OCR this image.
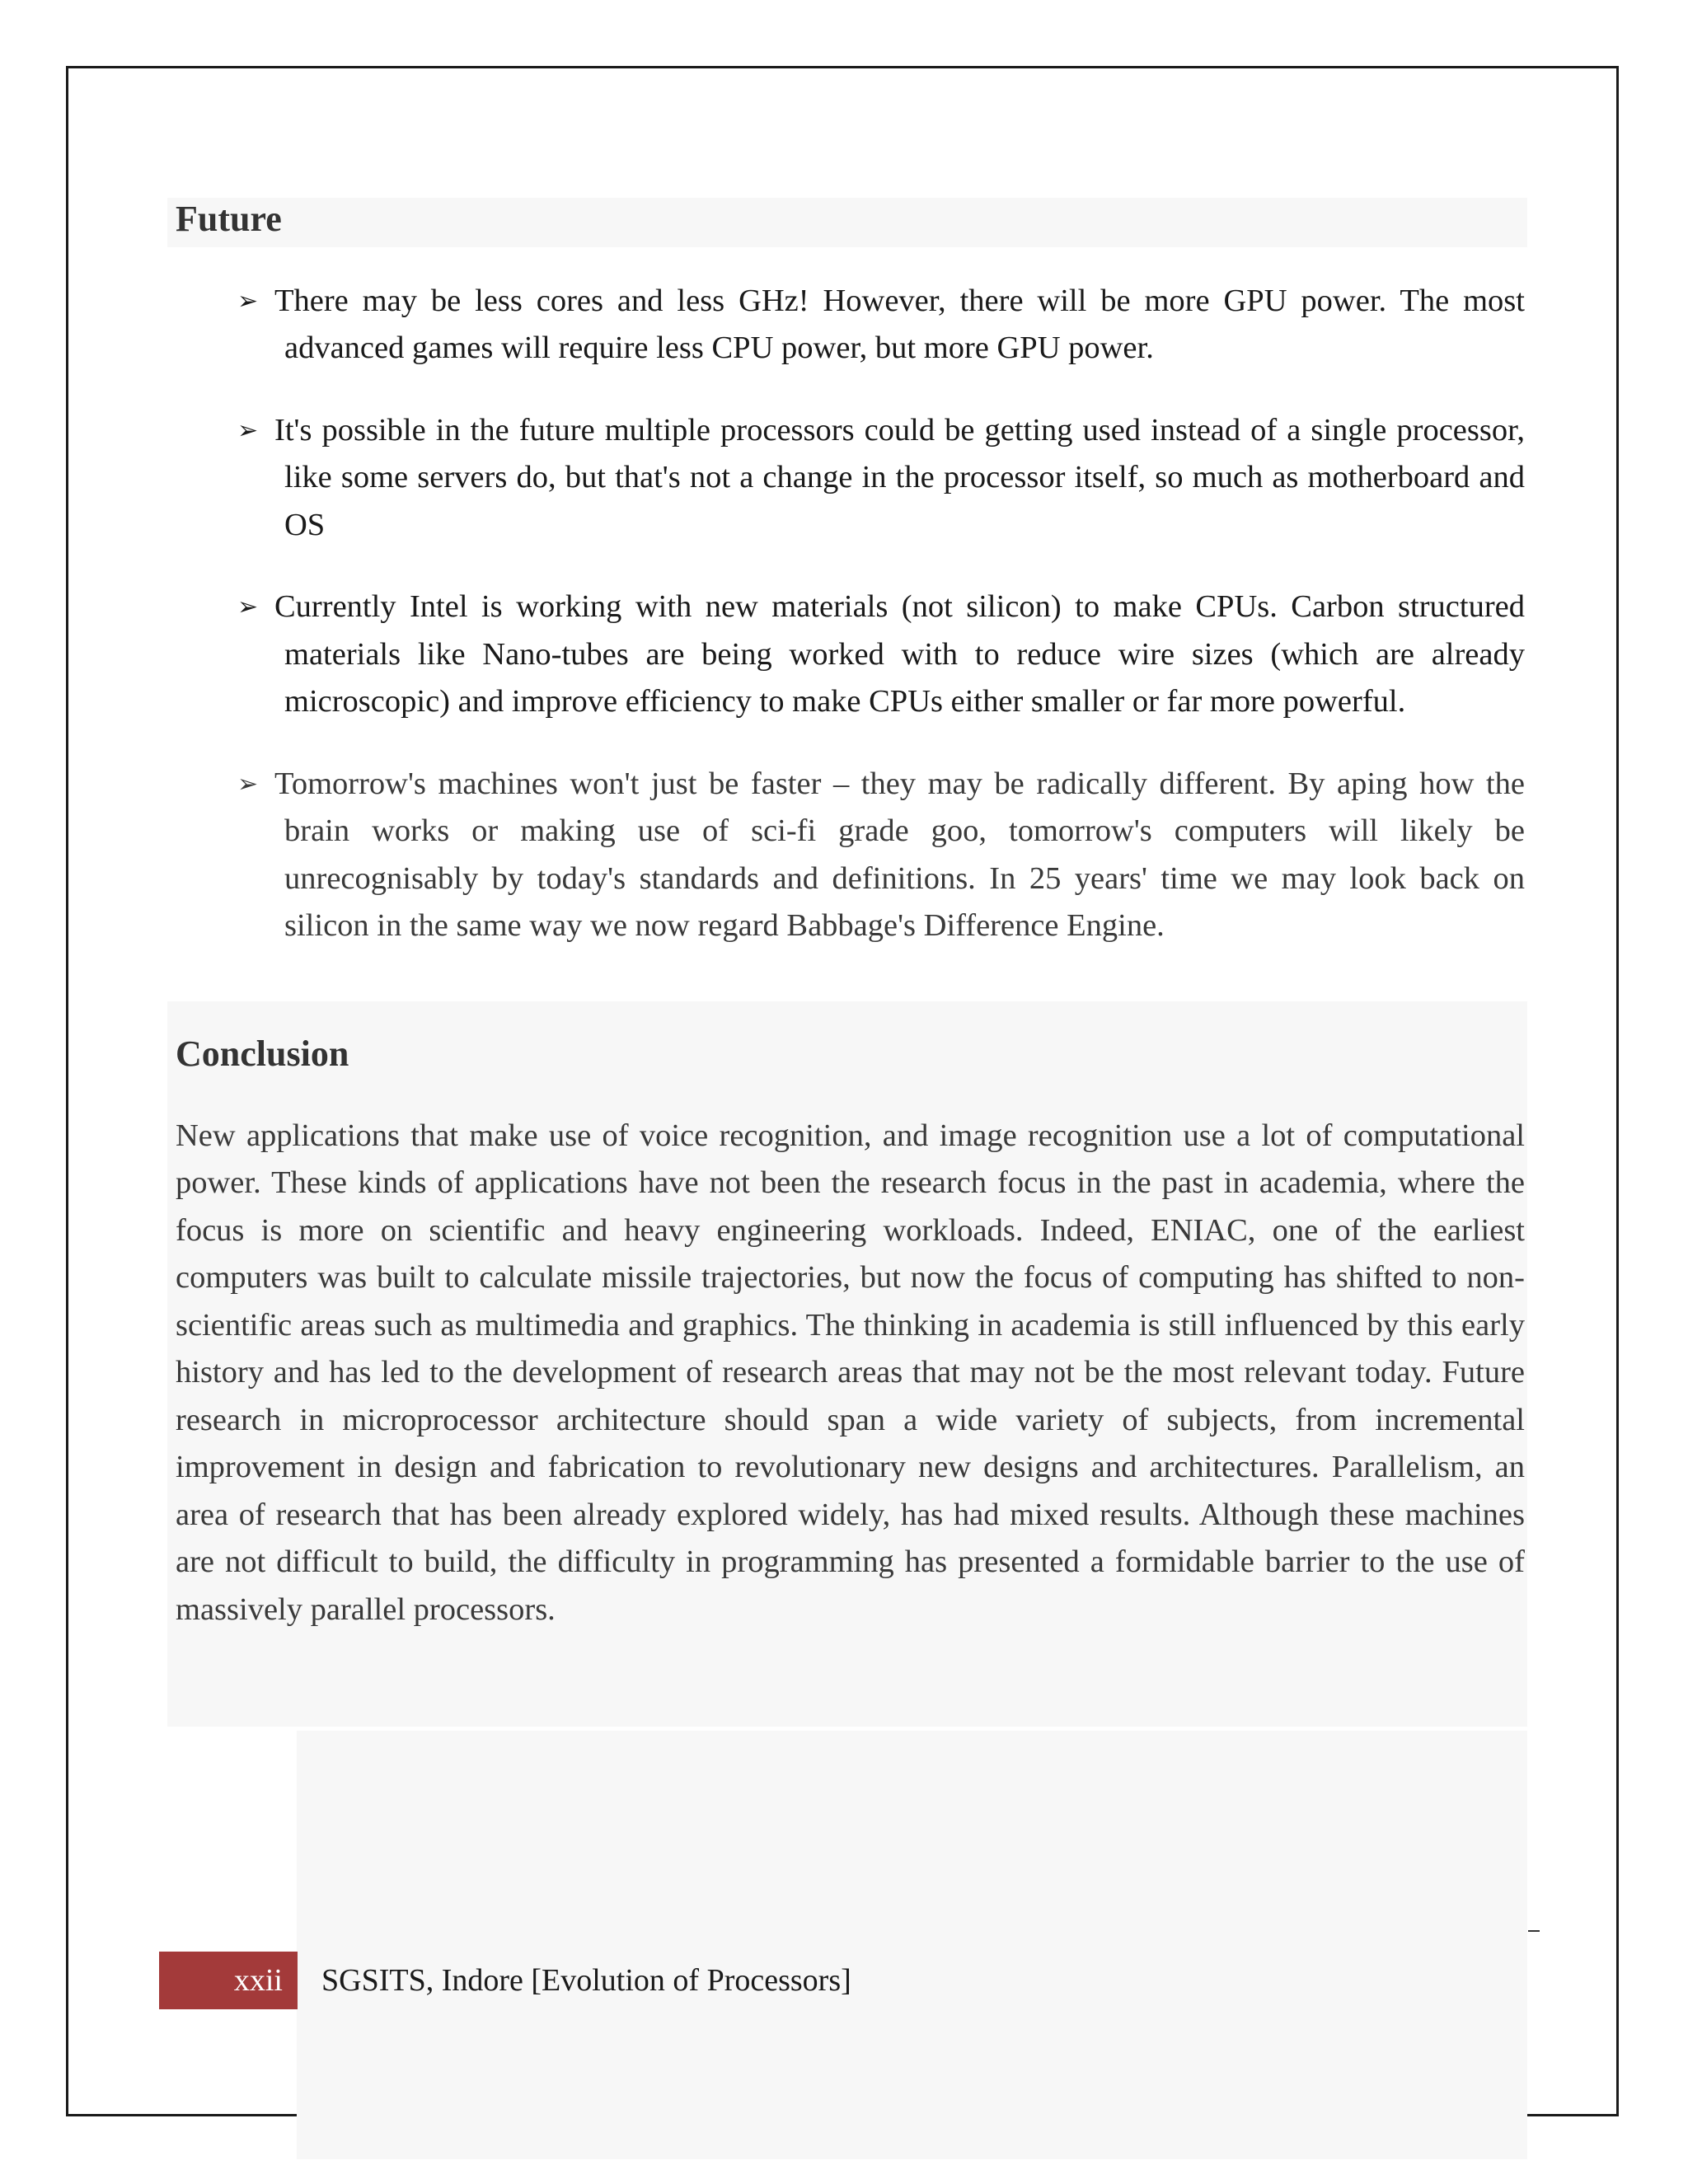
Future
➢ There may be less cores and less GHz! However, there will be more GPU power. The most advanced games will require less CPU power, but more GPU power.
➢ It's possible in the future multiple processors could be getting used instead of a single processor, like some servers do, but that's not a change in the processor itself, so much as motherboard and OS
➢ Currently Intel is working with new materials (not silicon) to make CPUs. Carbon structured materials like Nano-tubes are being worked with to reduce wire sizes (which are already microscopic) and improve efficiency to make CPUs either smaller or far more powerful.
➢ Tomorrow's machines won't just be faster – they may be radically different. By aping how the brain works or making use of sci-fi grade goo, tomorrow's computers will likely be unrecognisably by today's standards and definitions. In 25 years' time we may look back on silicon in the same way we now regard Babbage's Difference Engine.
Conclusion

New applications that make use of voice recognition, and image recognition use a lot of computational power. These kinds of applications have not been the research focus in the past in academia, where the focus is more on scientific and heavy engineering workloads. Indeed, ENIAC, one of the earliest computers was built to calculate missile trajectories, but now the focus of computing has shifted to non-scientific areas such as multimedia and graphics. The thinking in academia is still influenced by this early history and has led to the development of research areas that may not be the most relevant today. Future research in microprocessor architecture should span a wide variety of subjects, from incremental improvement in design and fabrication to revolutionary new designs and architectures. Parallelism, an area of research that has been already explored widely, has had mixed results. Although these machines are not difficult to build, the difficulty in programming has presented a formidable barrier to the use of massively parallel processors.

xxii	SGSITS, Indore [Evolution of Processors]
